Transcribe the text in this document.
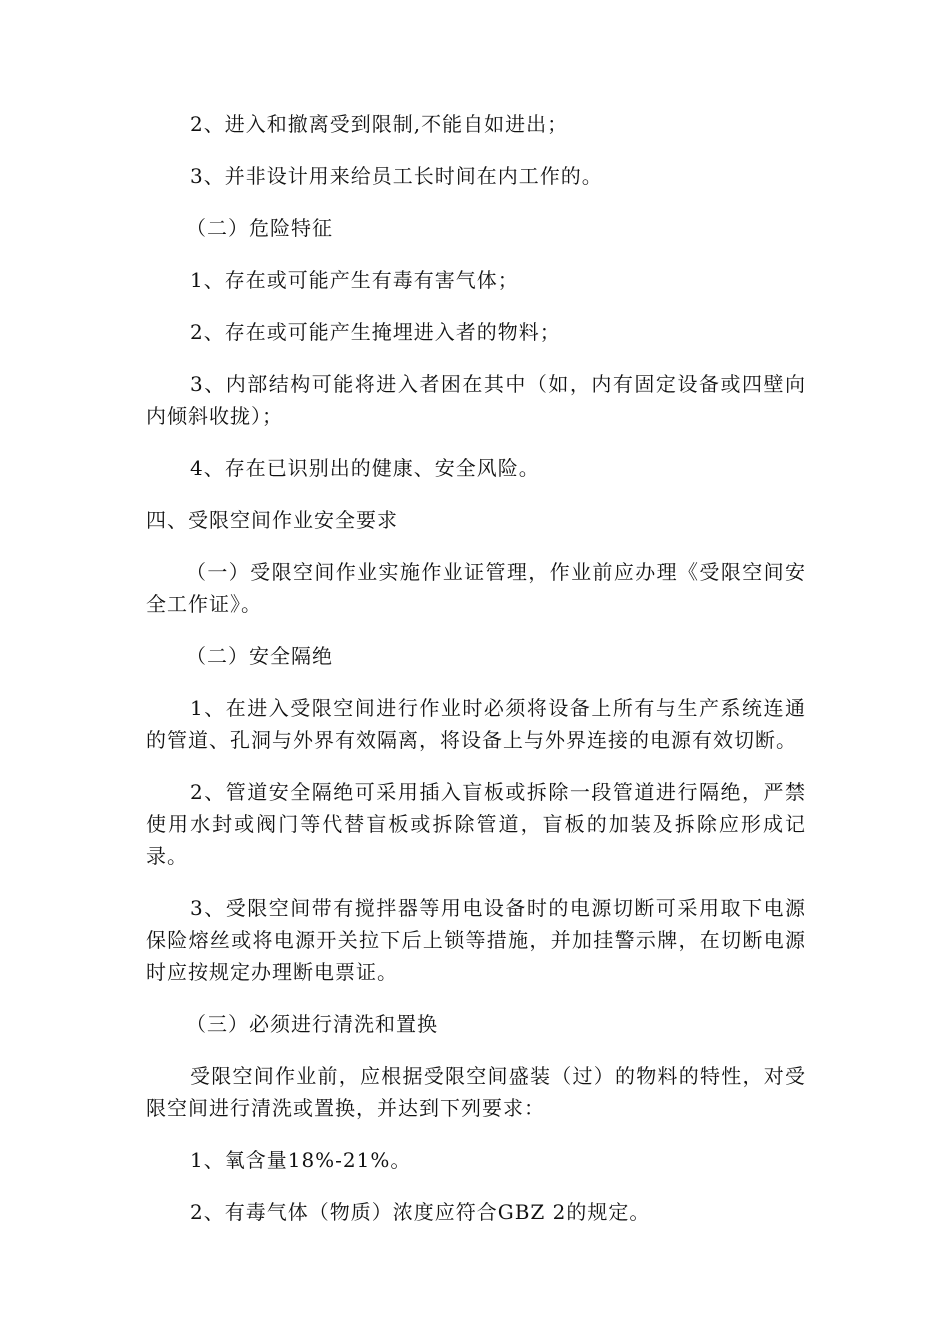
2、进入和撤离受到限制,不能自如进出；

3、并非设计用来给员工长时间在内工作的。

（二）危险特征

1、存在或可能产生有毒有害气体；

2、存在或可能产生掩埋进入者的物料；

3、内部结构可能将进入者困在其中（如，内有固定设备或四壁向内倾斜收拢）；

4、存在已识别出的健康、安全风险。

四、受限空间作业安全要求

（一）受限空间作业实施作业证管理，作业前应办理《受限空间安全工作证》。

（二）安全隔绝

1、在进入受限空间进行作业时必须将设备上所有与生产系统连通的管道、孔洞与外界有效隔离，将设备上与外界连接的电源有效切断。

2、管道安全隔绝可采用插入盲板或拆除一段管道进行隔绝，严禁使用水封或阀门等代替盲板或拆除管道，盲板的加装及拆除应形成记录。

3、受限空间带有搅拌器等用电设备时的电源切断可采用取下电源保险熔丝或将电源开关拉下后上锁等措施，并加挂警示牌，在切断电源时应按规定办理断电票证。

（三）必须进行清洗和置换

受限空间作业前，应根据受限空间盛装（过）的物料的特性，对受限空间进行清洗或置换，并达到下列要求：

1、氧含量18%-21%。

2、有毒气体（物质）浓度应符合GBZ 2的规定。
